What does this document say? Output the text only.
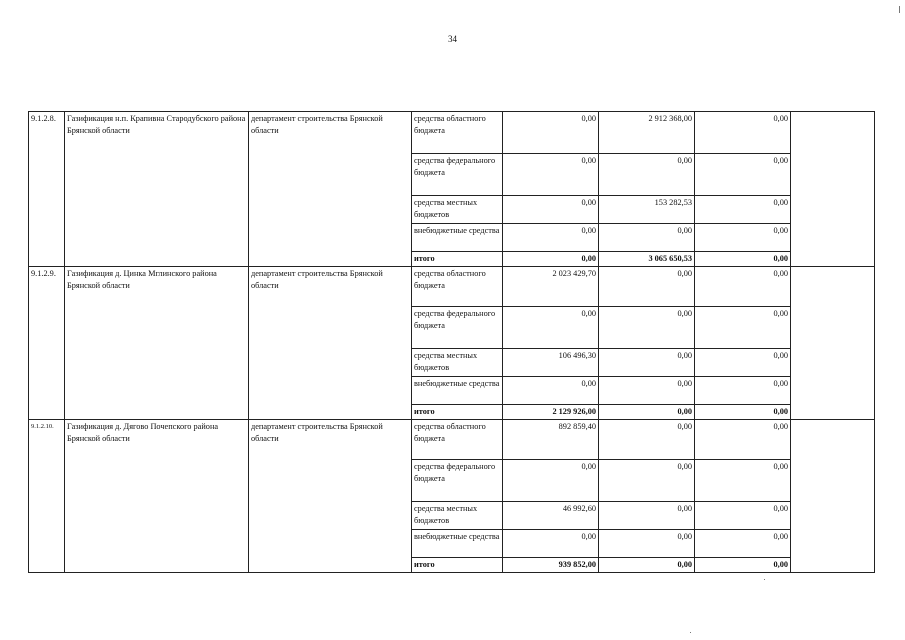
34
9.1.2.8.	Газификация н.п. Крапивна Стародубского района Брянской области	департамент строительства Брянской области	средства областного бюджета	0,00	2 912 368,00	0,00	
			средства федерального бюджета	0,00	0,00	0,00	
			средства местных бюджетов	0,00	153 282,53	0,00	
			внебюджетные средства	0,00	0,00	0,00	
			итого	0,00	3 065 650,53	0,00	
9.1.2.9.	Газификация д. Цинка Мглинского района Брянской области	департамент строительства Брянской области	средства областного бюджета	2 023 429,70	0,00	0,00	
			средства федерального бюджета	0,00	0,00	0,00	
			средства местных бюджетов	106 496,30	0,00	0,00	
			внебюджетные средства	0,00	0,00	0,00	
			итого	2 129 926,00	0,00	0,00	
9.1.2.10.	Газификация д. Дягово Почепского района Брянской области	департамент строительства Брянской области	средства областного бюджета	892 859,40	0,00	0,00	
			средства федерального бюджета	0,00	0,00	0,00	
			средства местных бюджетов	46 992,60	0,00	0,00	
			внебюджетные средства	0,00	0,00	0,00	
			итого	939 852,00	0,00	0,00	
